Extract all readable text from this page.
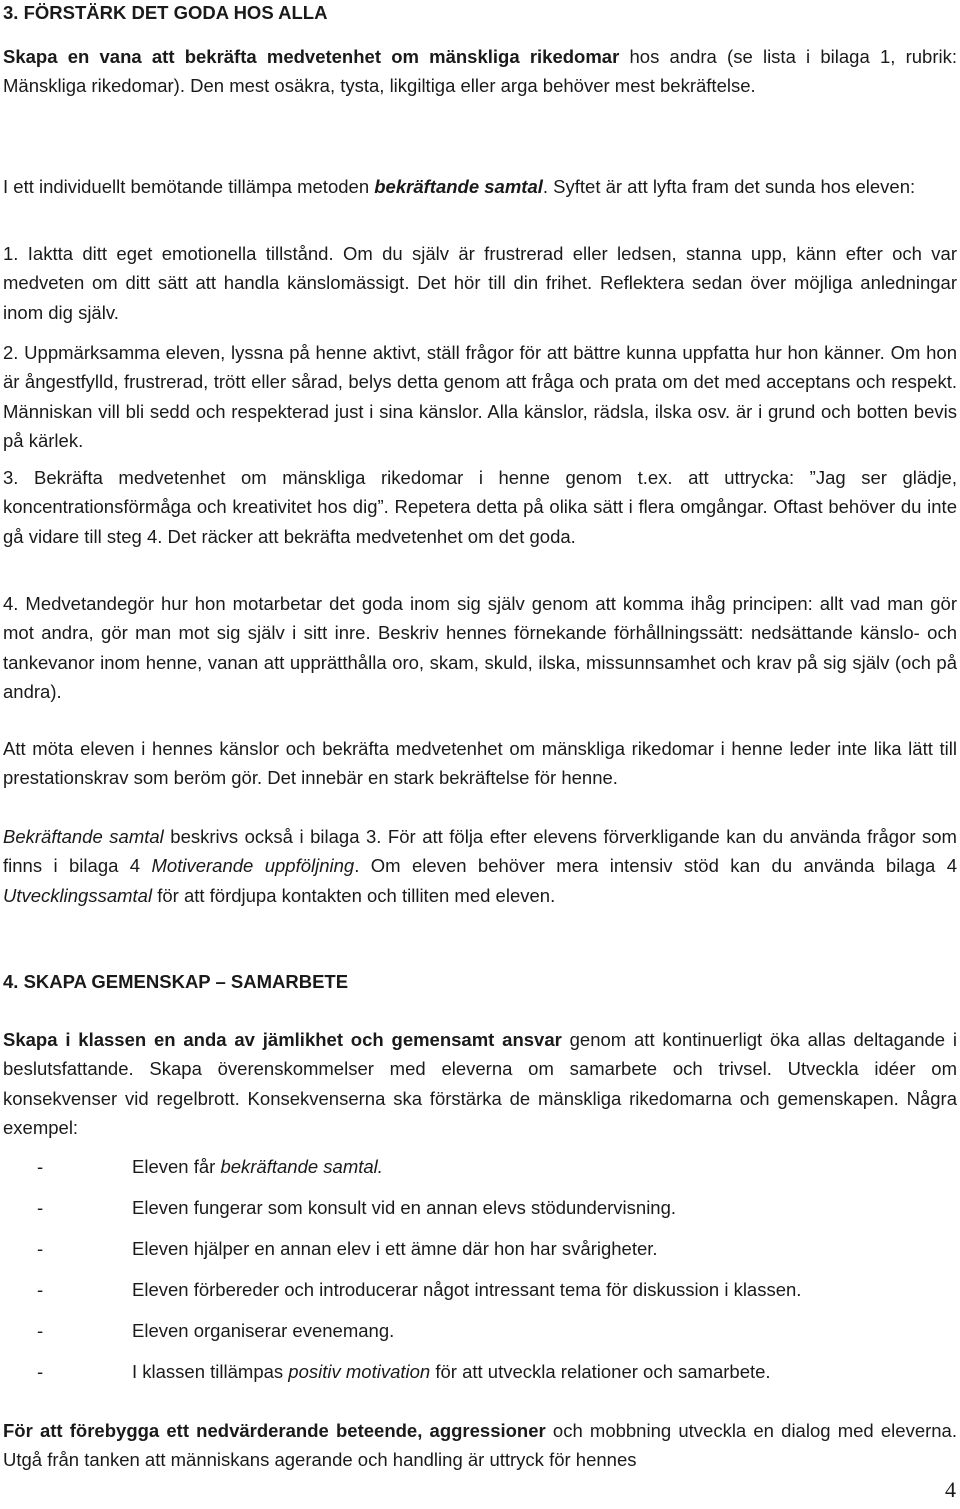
3. FÖRSTÄRK DET GODA HOS ALLA

Skapa en vana att bekräfta medvetenhet om mänskliga rikedomar hos andra (se lista i bilaga 1, rubrik: Mänskliga rikedomar). Den mest osäkra, tysta, likgiltiga eller arga behöver mest bekräftelse.

I ett individuellt bemötande tillämpa metoden bekräftande samtal. Syftet är att lyfta fram det sunda hos eleven:

1. Iaktta ditt eget emotionella tillstånd. Om du själv är frustrerad eller ledsen, stanna upp, känn efter och var medveten om ditt sätt att handla känslomässigt. Det hör till din frihet. Reflektera sedan över möjliga anledningar inom dig själv.

2. Uppmärksamma eleven, lyssna på henne aktivt, ställ frågor för att bättre kunna uppfatta hur hon känner. Om hon är ångestfylld, frustrerad, trött eller sårad, belys detta genom att fråga och prata om det med acceptans och respekt. Människan vill bli sedd och respekterad just i sina känslor. Alla känslor, rädsla, ilska osv. är i grund och botten bevis på kärlek.

3. Bekräfta medvetenhet om mänskliga rikedomar i henne genom t.ex. att uttrycka: ”Jag ser glädje, koncentrationsförmåga och kreativitet hos dig”. Repetera detta på olika sätt i flera omgångar. Oftast behöver du inte gå vidare till steg 4. Det räcker att bekräfta medvetenhet om det goda.

4. Medvetandegör hur hon motarbetar det goda inom sig själv genom att komma ihåg principen: allt vad man gör mot andra, gör man mot sig själv i sitt inre. Beskriv hennes förnekande förhållningssätt: nedsättande känslo- och tankevanor inom henne, vanan att upprätthålla oro, skam, skuld, ilska, missunnsamhet och krav på sig själv (och på andra).

Att möta eleven i hennes känslor och bekräfta medvetenhet om mänskliga rikedomar i henne leder inte lika lätt till prestationskrav som beröm gör. Det innebär en stark bekräftelse för henne.

Bekräftande samtal beskrivs också i bilaga 3. För att följa efter elevens förverkligande kan du använda frågor som finns i bilaga 4 Motiverande uppföljning. Om eleven behöver mera intensiv stöd kan du använda bilaga 4 Utvecklingssamtal för att fördjupa kontakten och tilliten med eleven.

4. SKAPA GEMENSKAP – SAMARBETE

Skapa i klassen en anda av jämlikhet och gemensamt ansvar genom att kontinuerligt öka allas deltagande i beslutsfattande. Skapa överenskommelser med eleverna om samarbete och trivsel. Utveckla idéer om konsekvenser vid regelbrott. Konsekvenserna ska förstärka de mänskliga rikedomarna och gemenskapen. Några exempel:

-	Eleven får bekräftande samtal.
-	Eleven fungerar som konsult vid en annan elevs stödundervisning.
-	Eleven hjälper en annan elev i ett ämne där hon har svårigheter.
-	Eleven förbereder och introducerar något intressant tema för diskussion i klassen.
-	Eleven organiserar evenemang.
-	I klassen tillämpas positiv motivation för att utveckla relationer och samarbete.

För att förebygga ett nedvärderande beteende, aggressioner och mobbning utveckla en dialog med eleverna. Utgå från tanken att människans agerande och handling är uttryck för hennes

4
